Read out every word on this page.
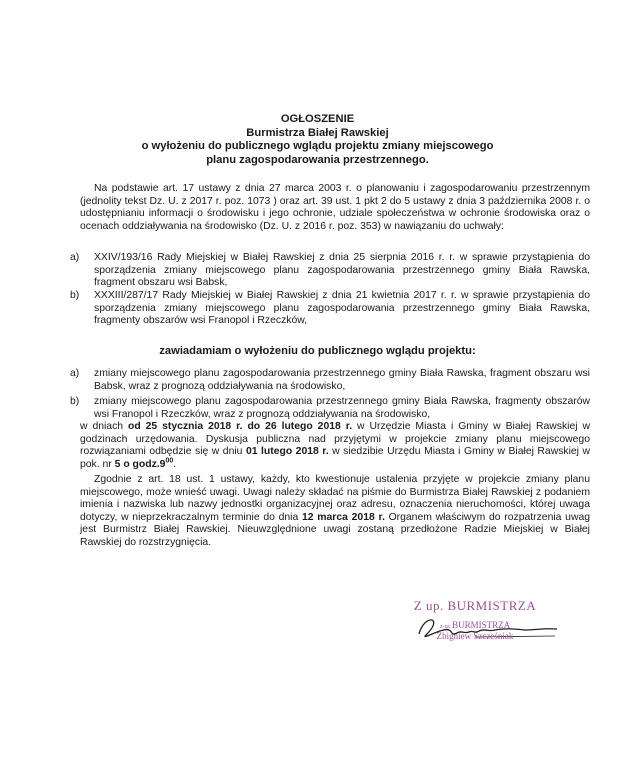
OGŁOSZENIE
Burmistrza Białej Rawskiej
o wyłożeniu do publicznego wglądu projektu zmiany miejscowego
planu zagospodarowania przestrzennego.
Na podstawie art. 17 ustawy z dnia 27 marca 2003 r. o planowaniu i zagospodarowaniu przestrzennym (jednolity tekst Dz. U. z 2017 r. poz. 1073 ) oraz art. 39 ust. 1 pkt 2 do 5 ustawy z dnia 3 października 2008 r. o udostępnianiu informacji o środowisku i jego ochronie, udziale społeczeństwa w ochronie środowiska oraz o ocenach oddziaływania na środowisko (Dz. U. z 2016 r. poz. 353) w nawiązaniu do uchwały:
a) XXIV/193/16 Rady Miejskiej w Białej Rawskiej z dnia 25 sierpnia 2016 r. r. w sprawie przystąpienia do sporządzenia zmiany miejscowego planu zagospodarowania przestrzennego gminy Biała Rawska, fragment obszaru wsi Babsk,
b) XXXIII/287/17 Rady Miejskiej w Białej Rawskiej z dnia 21 kwietnia 2017 r. r. w sprawie przystąpienia do sporządzenia zmiany miejscowego planu zagospodarowania przestrzennego gminy Biała Rawska, fragmenty obszarów wsi Franopol i Rzeczków,
zawiadamiam o wyłożeniu do publicznego wglądu projektu:
a) zmiany miejscowego planu zagospodarowania przestrzennego gminy Biała Rawska, fragment obszaru wsi Babsk, wraz z prognozą oddziaływania na środowisko,
b) zmiany miejscowego planu zagospodarowania przestrzennego gminy Biała Rawska, fragmenty obszarów wsi Franopol i Rzeczków, wraz z prognozą oddziaływania na środowisko,
w dniach od 25 stycznia 2018 r. do 26 lutego 2018 r. w Urzędzie Miasta i Gminy w Białej Rawskiej w godzinach urzędowania. Dyskusja publiczna nad przyjętymi w projekcie zmiany planu miejscowego rozwiązaniami odbędzie się w dniu 01 lutego 2018 r. w siedzibie Urzędu Miasta i Gminy w Białej Rawskiej w pok. nr 5 o $godz.9^{00}$.
Zgodnie z art. 18 ust. 1 ustawy, każdy, kto kwestionuje ustalenia przyjęte w projekcie zmiany planu miejscowego, może wnieść uwagi. Uwagi należy składać na piśmie do Burmistrza Białej Rawskiej z podaniem imienia i nazwiska lub nazwy jednostki organizacyjnej oraz adresu, oznaczenia nieruchomości, której uwaga dotyczy, w nieprzekraczalnym terminie do dnia 12 marca 2018 r. Organem właściwym do rozpatrzenia uwag jest Burmistrz Białej Rawskiej. Nieuwzględnione uwagi zostaną przedłożone Radzie Miejskiej w Białej Rawskiej do rozstrzygnięcia.
Z up. BURMISTRZA
z-ca BURMISTRZA
Zbigniew Szcześniak
